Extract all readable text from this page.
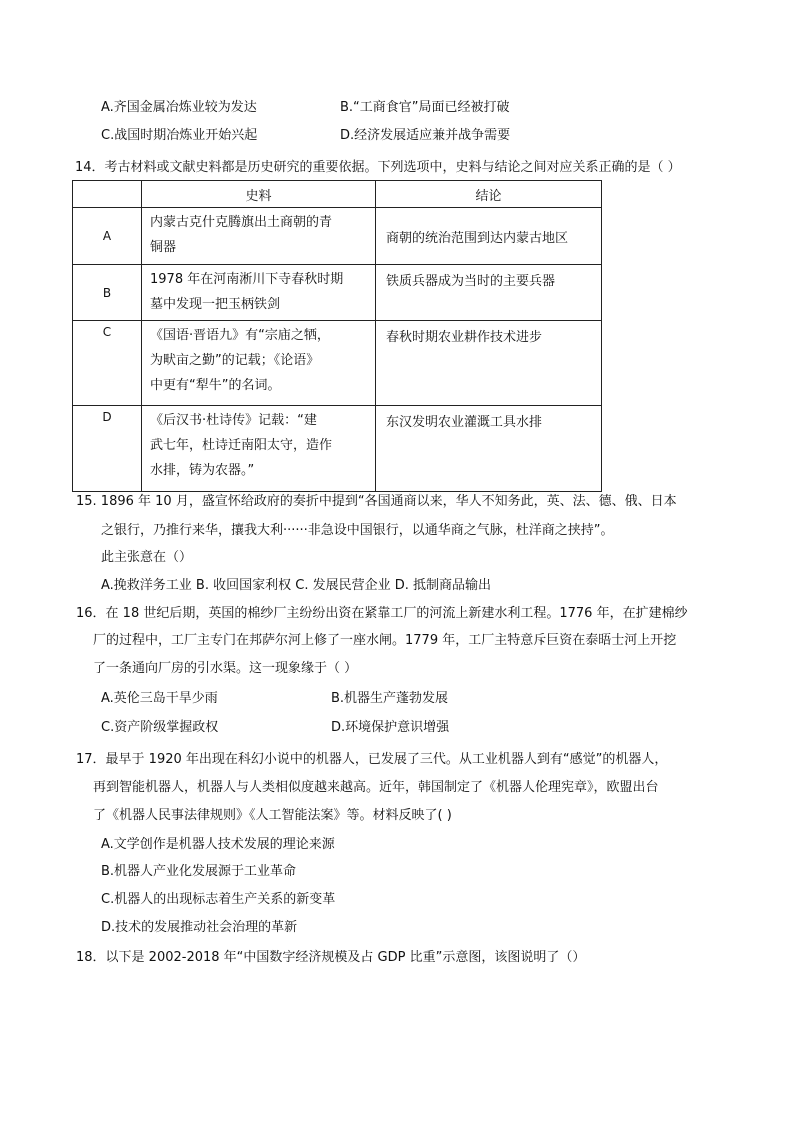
A.齐国金属冶炼业较为发达	B.“工商食官”局面已经被打破
C.战国时期冶炼业开始兴起	D.经济发展适应兼并战争需要
14．考古材料或文献史料都是历史研究的重要依据。下列选项中，史料与结论之间对应关系正确的是（ ）
	史料	结论
A	内蒙古克什克腾旗出土商朝的青
铜器	商朝的统治范围到达内蒙古地区
B	1978 年在河南淅川下寺春秋时期
墓中发现一把玉柄铁剑	铁质兵器成为当时的主要兵器
C	《国语·晋语九》有“宗庙之牺，
为畎亩之勤”的记载；《论语》
中更有“犁牛”的名词。	春秋时期农业耕作技术进步
D	《后汉书·杜诗传》记载：“建
武七年，杜诗迁南阳太守，造作
水排，铸为农器。”	东汉发明农业灌溉工具水排
15. 1896 年 10 月，盛宣怀给政府的奏折中提到“各国通商以来，华人不知务此，英、法、德、俄、日本
之银行，乃推行来华，攘我大利······非急设中国银行，以通华商之气脉，杜洋商之挟持”。
此主张意在（）
A.挽救洋务工业 B. 收回国家利权 C. 发展民营企业 D. 抵制商品输出
16．在 18 世纪后期，英国的棉纱厂主纷纷出资在紧靠工厂的河流上新建水利工程。1776 年，在扩建棉纱
厂的过程中，工厂主专门在邦萨尔河上修了一座水闸。1779 年，工厂主特意斥巨资在泰晤士河上开挖
了一条通向厂房的引水渠。这一现象缘于（ ）
A.英伦三岛干旱少雨	B.机器生产蓬勃发展
C.资产阶级掌握政权	D.环境保护意识增强
17．最早于 1920 年出现在科幻小说中的机器人，已发展了三代。从工业机器人到有“感觉”的机器人，
再到智能机器人，机器人与人类相似度越来越高。近年，韩国制定了《机器人伦理宪章》，欧盟出台
了《机器人民事法律规则》《人工智能法案》等。材料反映了( )
A.文学创作是机器人技术发展的理论来源
B.机器人产业化发展源于工业革命
C.机器人的出现标志着生产关系的新变革
D.技术的发展推动社会治理的革新
18．以下是 2002-2018 年“中国数字经济规模及占 GDP 比重”示意图，该图说明了（）
